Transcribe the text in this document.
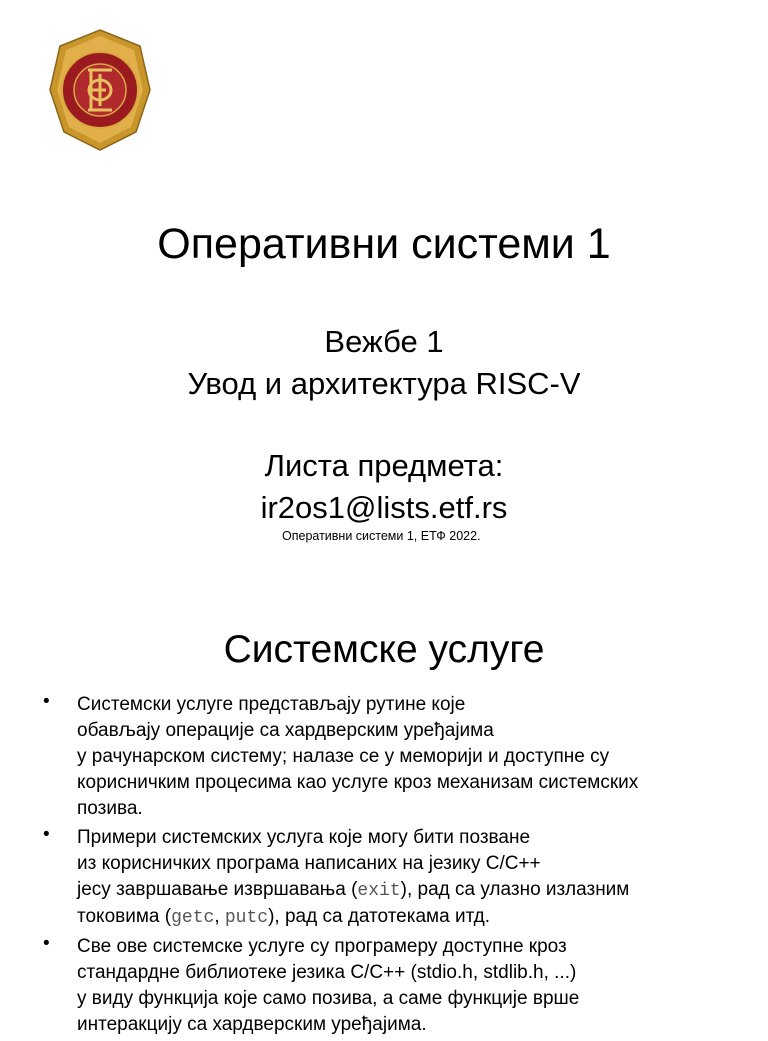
Оперативни системи 1
Вежбе 1
Увод и архитектура RISC-V
Листа предмета:
ir2os1@lists.etf.rs
Оперативни системи 1, ЕТФ 2022.
Системске услуге
• Системски услуге представљају рутине које
обављају операције са хардверским уређајима
у рачунарском систему; налазе се у меморији и доступне су
корисничким процесима као услуге кроз механизам системских
позива.
• Примери системских услуга које могу бити позване
из корисничких програма написаних на језику C/C++
јесу завршавање извршавања (exit), рад са улазно излазним
токовима (getc, putc), рад са датотекама итд.
• Све ове системске услуге су програмеру доступне кроз
стандардне библиотеке језика C/C++ (stdio.h, stdlib.h, ...)
у виду функција које само позива, а саме функције врше
интеракцију са хардверским уређајима.
